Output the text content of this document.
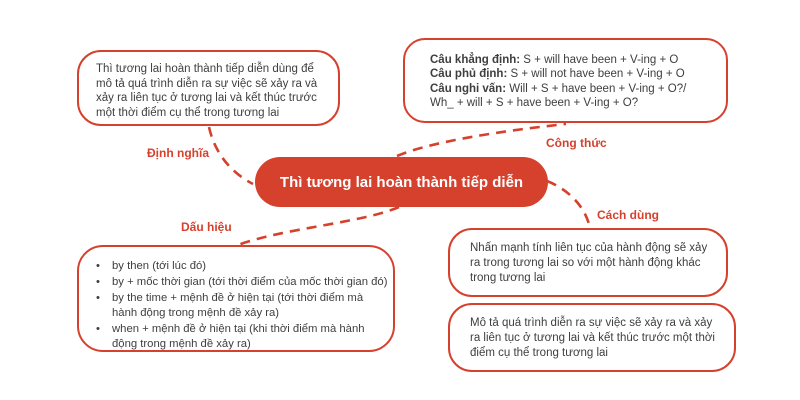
Thì tương lai hoàn thành tiếp diễn dùng để mô tả quá trình diễn ra sự việc sẽ xảy ra và xảy ra liên tục ở tương lai và kết thúc trước một thời điểm cụ thể trong tương lai

Câu khẳng định: S + will have been + V-ing + O
Câu phủ định: S + will not have been + V-ing + O
Câu nghi vấn: Will + S + have been + V-ing + O?/
Wh_ + will + S + have been + V-ing + O?
Thì tương lai hoàn thành tiếp diễn
Định nghĩa
Công thức
Dấu hiệu
Cách dùng
• by then (tới lúc đó)
• by + mốc thời gian (tới thời điểm của mốc thời gian đó)
• by the time + mệnh đề ở hiện tại (tới thời điểm mà hành động trong mệnh đề xảy ra)
• when + mệnh đề ở hiện tại (khi thời điểm mà hành động trong mệnh đề xảy ra)

Nhấn mạnh tính liên tục của hành động sẽ xảy ra trong tương lai so với một hành động khác trong tương lai

Mô tả quá trình diễn ra sự việc sẽ xảy ra và xảy ra liên tục ở tương lai và kết thúc trước một thời điểm cụ thể trong tương lai
